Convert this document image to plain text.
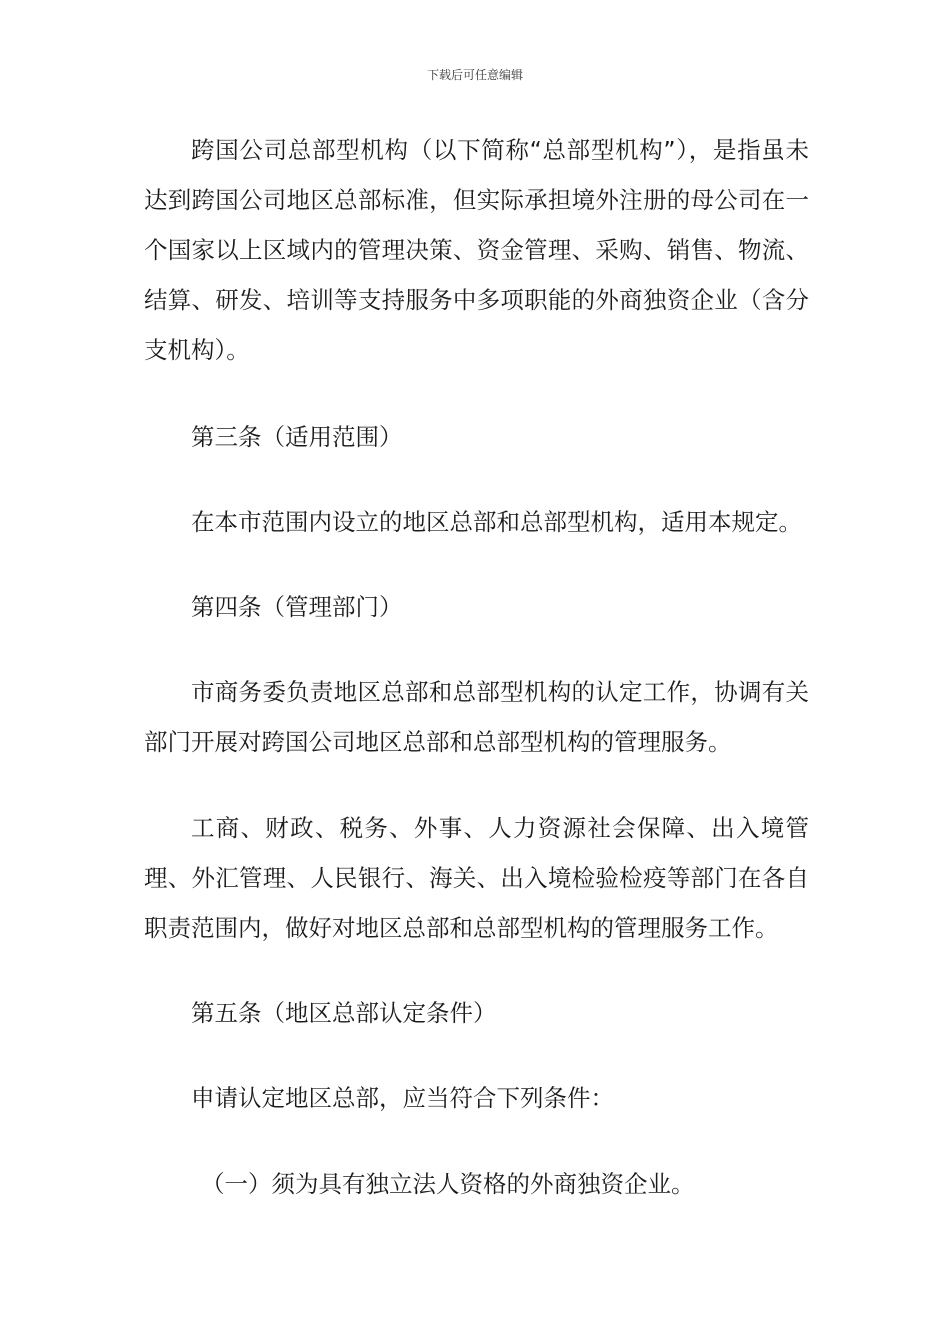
下载后可任意编辑

跨国公司总部型机构（以下简称“总部型机构”），是指虽未达到跨国公司地区总部标准，但实际承担境外注册的母公司在一个国家以上区域内的管理决策、资金管理、采购、销售、物流、结算、研发、培训等支持服务中多项职能的外商独资企业（含分支机构）。

第三条（适用范围）

在本市范围内设立的地区总部和总部型机构，适用本规定。

第四条（管理部门）

市商务委负责地区总部和总部型机构的认定工作，协调有关部门开展对跨国公司地区总部和总部型机构的管理服务。

工商、财政、税务、外事、人力资源社会保障、出入境管理、外汇管理、人民银行、海关、出入境检验检疫等部门在各自职责范围内，做好对地区总部和总部型机构的管理服务工作。

第五条（地区总部认定条件）

申请认定地区总部，应当符合下列条件：

（一）须为具有独立法人资格的外商独资企业。
